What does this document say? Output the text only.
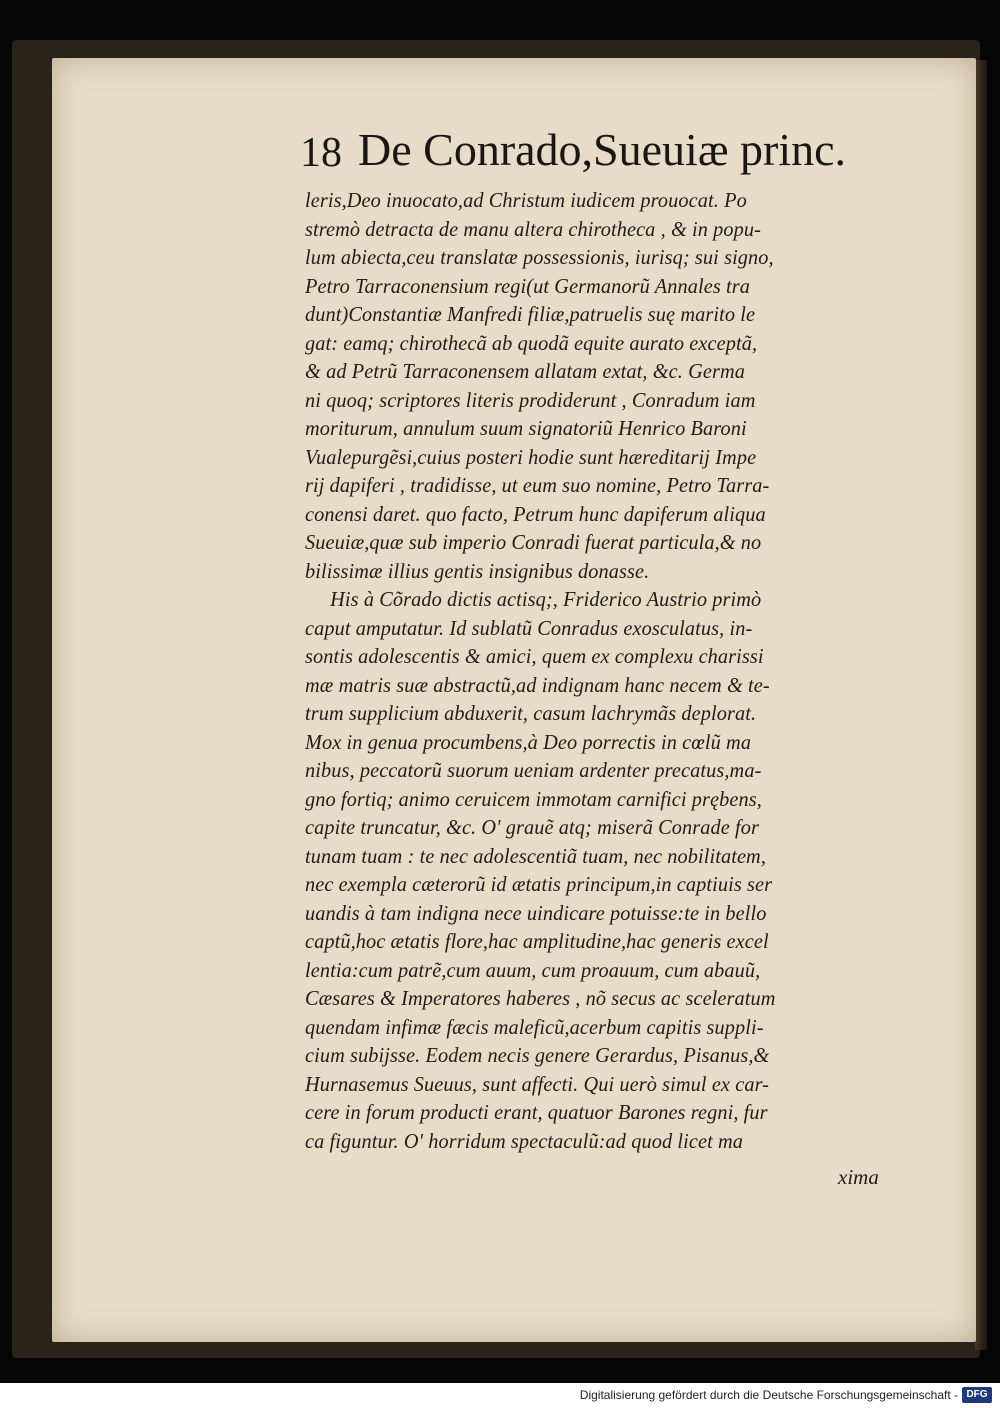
18 De Conrado,Sueuiæ princ.
leris,Deo inuocato,ad Christum iudicem prouocat. Po
stremò detracta de manu altera chirotheca , & in popu-
lum abiecta,ceu translatæ possessionis, iurisq; sui signo,
Petro Tarraconensium regi(ut Germanorũ Annales tra
dunt)Constantiæ Manfredi filiæ,patruelis suę marito le
gat: eamq; chirothecã ab quodã equite aurato exceptã,
& ad Petrũ Tarraconensem allatam extat, &c. Germa
ni quoq; scriptores literis prodiderunt , Conradum iam
moriturum, annulum suum signatoriũ Henrico Baroni
Vualepurgẽsi,cuius posteri hodie sunt hæreditarij Impe
rij dapiferi , tradidisse, ut eum suo nomine, Petro Tarra-
conensi daret. quo facto, Petrum hunc dapiferum aliqua
Sueuiæ,quæ sub imperio Conradi fuerat particula,& no
bilissimæ illius gentis insignibus donasse.
His à Cõrado dictis actisq;, Friderico Austrio primò
caput amputatur. Id sublatũ Conradus exosculatus, in-
sontis adolescentis & amici, quem ex complexu charissi
mæ matris suæ abstractũ,ad indignam hanc necem & te-
trum supplicium abduxerit, casum lachrymãs deplorat.
Mox in genua procumbens,à Deo porrectis in cœlũ ma
nibus, peccatorũ suorum ueniam ardenter precatus,ma-
gno fortiq; animo ceruicem immotam carnifici prębens,
capite truncatur, &c. O' grauẽ atq; miserã Conrade for
tunam tuam : te nec adolescentiã tuam, nec nobilitatem,
nec exempla cæterorũ id ætatis principum,in captiuis ser
uandis à tam indigna nece uindicare potuisse:te in bello
captũ,hoc ætatis flore,hac amplitudine,hac generis excel
lentia:cum patrẽ,cum auum, cum proauum, cum abauũ,
Cæsares & Imperatores haberes , nõ secus ac sceleratum
quendam infimæ fæcis maleficũ,acerbum capitis suppli-
cium subijsse. Eodem necis genere Gerardus, Pisanus,&
Hurnasemus Sueuus, sunt affecti. Qui uerò simul ex car-
cere in forum producti erant, quatuor Barones regni, fur
ca figuntur. O' horridum spectaculũ:ad quod licet ma
xima
Digitalisierung gefördert durch die Deutsche Forschungsgemeinschaft - DFG
